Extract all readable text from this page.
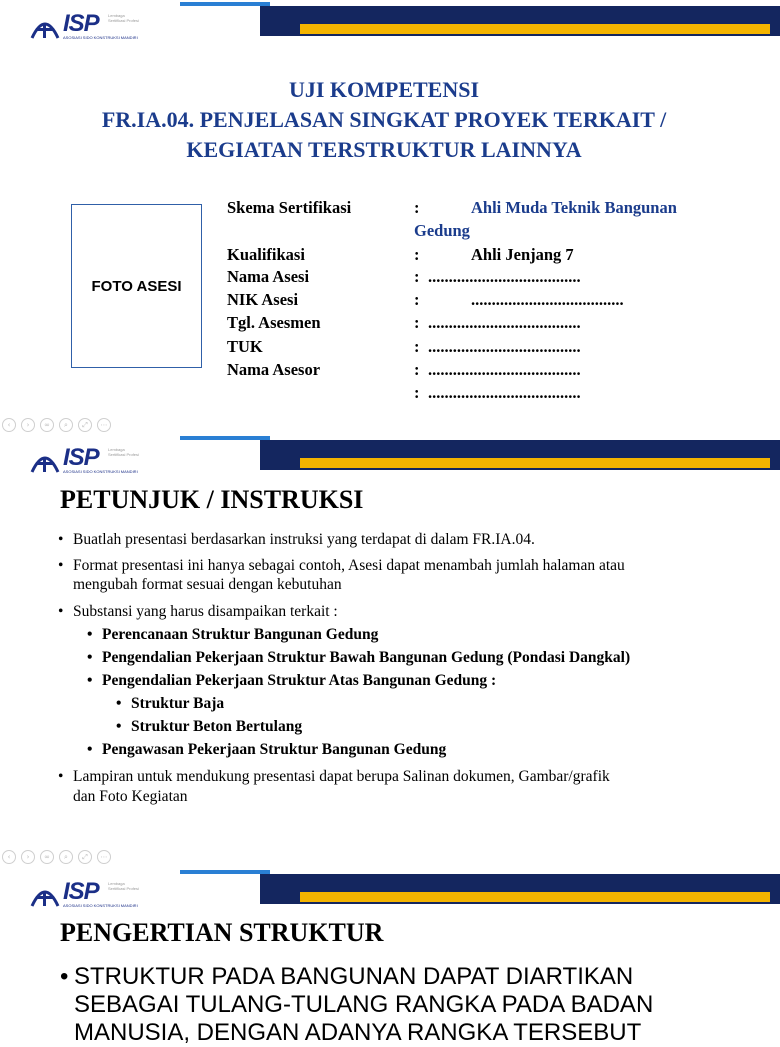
ISP Lembaga Sertifikasi Profesi
ASOSIASI SIDO KONSTRUKSI MANDIRI
UJI KOMPETENSI
FR.IA.04. PENJELASAN SINGKAT PROYEK TERKAIT /
KEGIATAN TERSTRUKTUR LAINNYA
FOTO ASESI
Skema Sertifikasi	:	Ahli Muda Teknik Bangunan
Gedung
Kualifikasi	:	Ahli Jenjang 7
Nama Asesi	: .....................................
NIK Asesi	:	.....................................
Tgl. Asesmen	: .....................................
TUK	: .....................................
Nama Asesor	: .....................................
: .....................................
‹	›	∞	⌕	⤢	⋯
ISP Lembaga Sertifikasi Profesi
ASOSIASI SIDO KONSTRUKSI MANDIRI
PETUNJUK / INSTRUKSI
• Buatlah presentasi berdasarkan instruksi yang terdapat di dalam FR.IA.04.
• Format presentasi ini hanya sebagai contoh, Asesi dapat menambah jumlah halaman atau
mengubah format sesuai dengan kebutuhan
• Substansi yang harus disampaikan terkait :
• Perencanaan Struktur Bangunan Gedung
• Pengendalian Pekerjaan Struktur Bawah Bangunan Gedung (Pondasi Dangkal)
• Pengendalian Pekerjaan Struktur Atas Bangunan Gedung :
• Struktur Baja
• Struktur Beton Bertulang
• Pengawasan Pekerjaan Struktur Bangunan Gedung
• Lampiran untuk mendukung presentasi dapat berupa Salinan dokumen, Gambar/grafik
dan Foto Kegiatan
‹	›	∞	⌕	⤢	⋯
ISP Lembaga Sertifikasi Profesi
ASOSIASI SIDO KONSTRUKSI MANDIRI
PENGERTIAN STRUKTUR
• STRUKTUR PADA BANGUNAN DAPAT DIARTIKAN
SEBAGAI TULANG-TULANG RANGKA PADA BADAN
MANUSIA, DENGAN ADANYA RANGKA TERSEBUT
